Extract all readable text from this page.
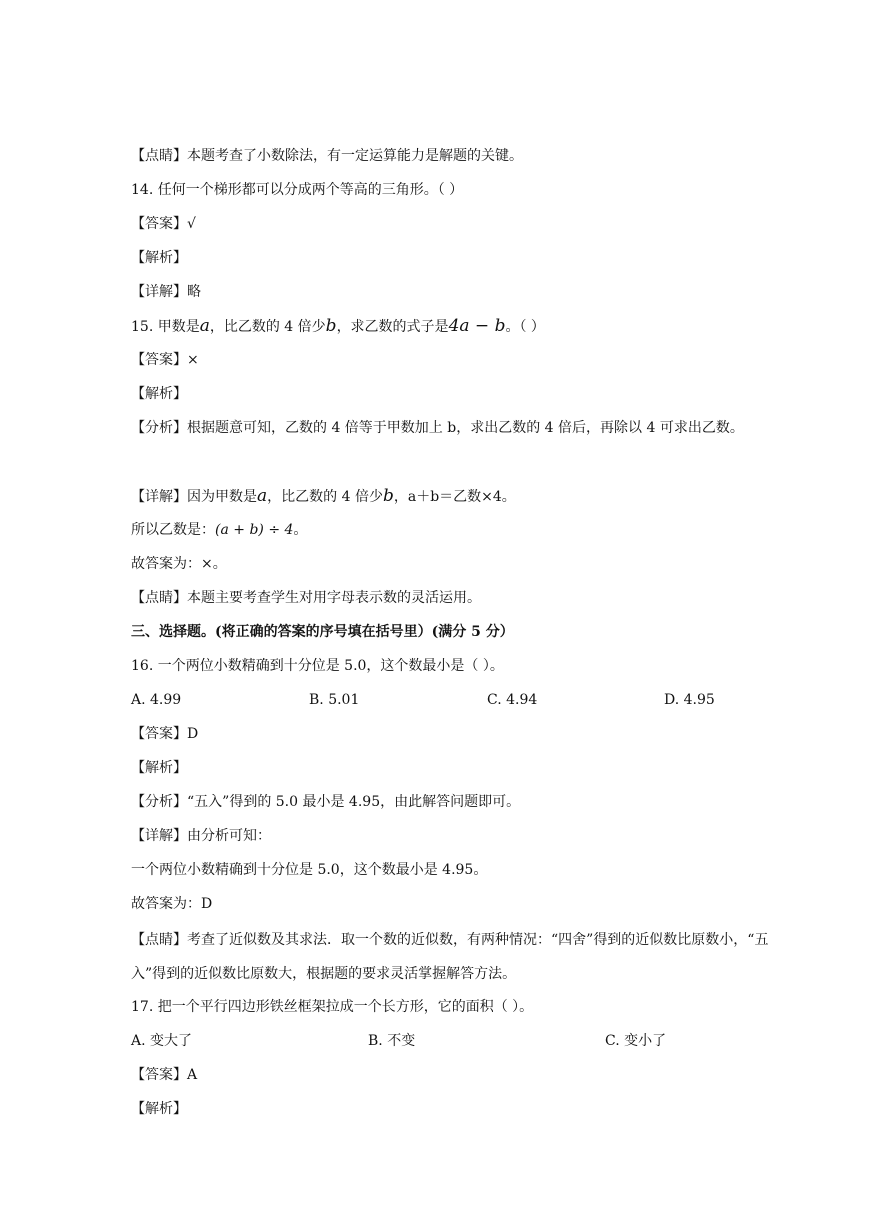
【点睛】本题考查了小数除法，有一定运算能力是解题的关键。
14. 任何一个梯形都可以分成两个等高的三角形。（ ）
【答案】√
【解析】
【详解】略
15. 甲数是a，比乙数的 4 倍少b，求乙数的式子是4a − b。（ ）
【答案】×
【解析】
【分析】根据题意可知，乙数的 4 倍等于甲数加上 b，求出乙数的 4 倍后，再除以 4 可求出乙数。
【详解】因为甲数是a，比乙数的 4 倍少b，a＋b＝乙数×4。
所以乙数是：(a + b) ÷ 4。
故答案为：×。
【点睛】本题主要考查学生对用字母表示数的灵活运用。
三、选择题。(将正确的答案的序号填在括号里）(满分 5 分）
16. 一个两位小数精确到十分位是 5.0，这个数最小是（ ）。
A. 4.99	B. 5.01	C. 4.94	D. 4.95
【答案】D
【解析】
【分析】“五入”得到的 5.0 最小是 4.95，由此解答问题即可。
【详解】由分析可知：
一个两位小数精确到十分位是 5.0，这个数最小是 4.95。
故答案为：D
【点睛】考查了近似数及其求法．取一个数的近似数，有两种情况：“四舍”得到的近似数比原数小，“五入”得到的近似数比原数大，根据题的要求灵活掌握解答方法。
17. 把一个平行四边形铁丝框架拉成一个长方形，它的面积（ ）。
A. 变大了	B. 不变	C. 变小了
【答案】A
【解析】
